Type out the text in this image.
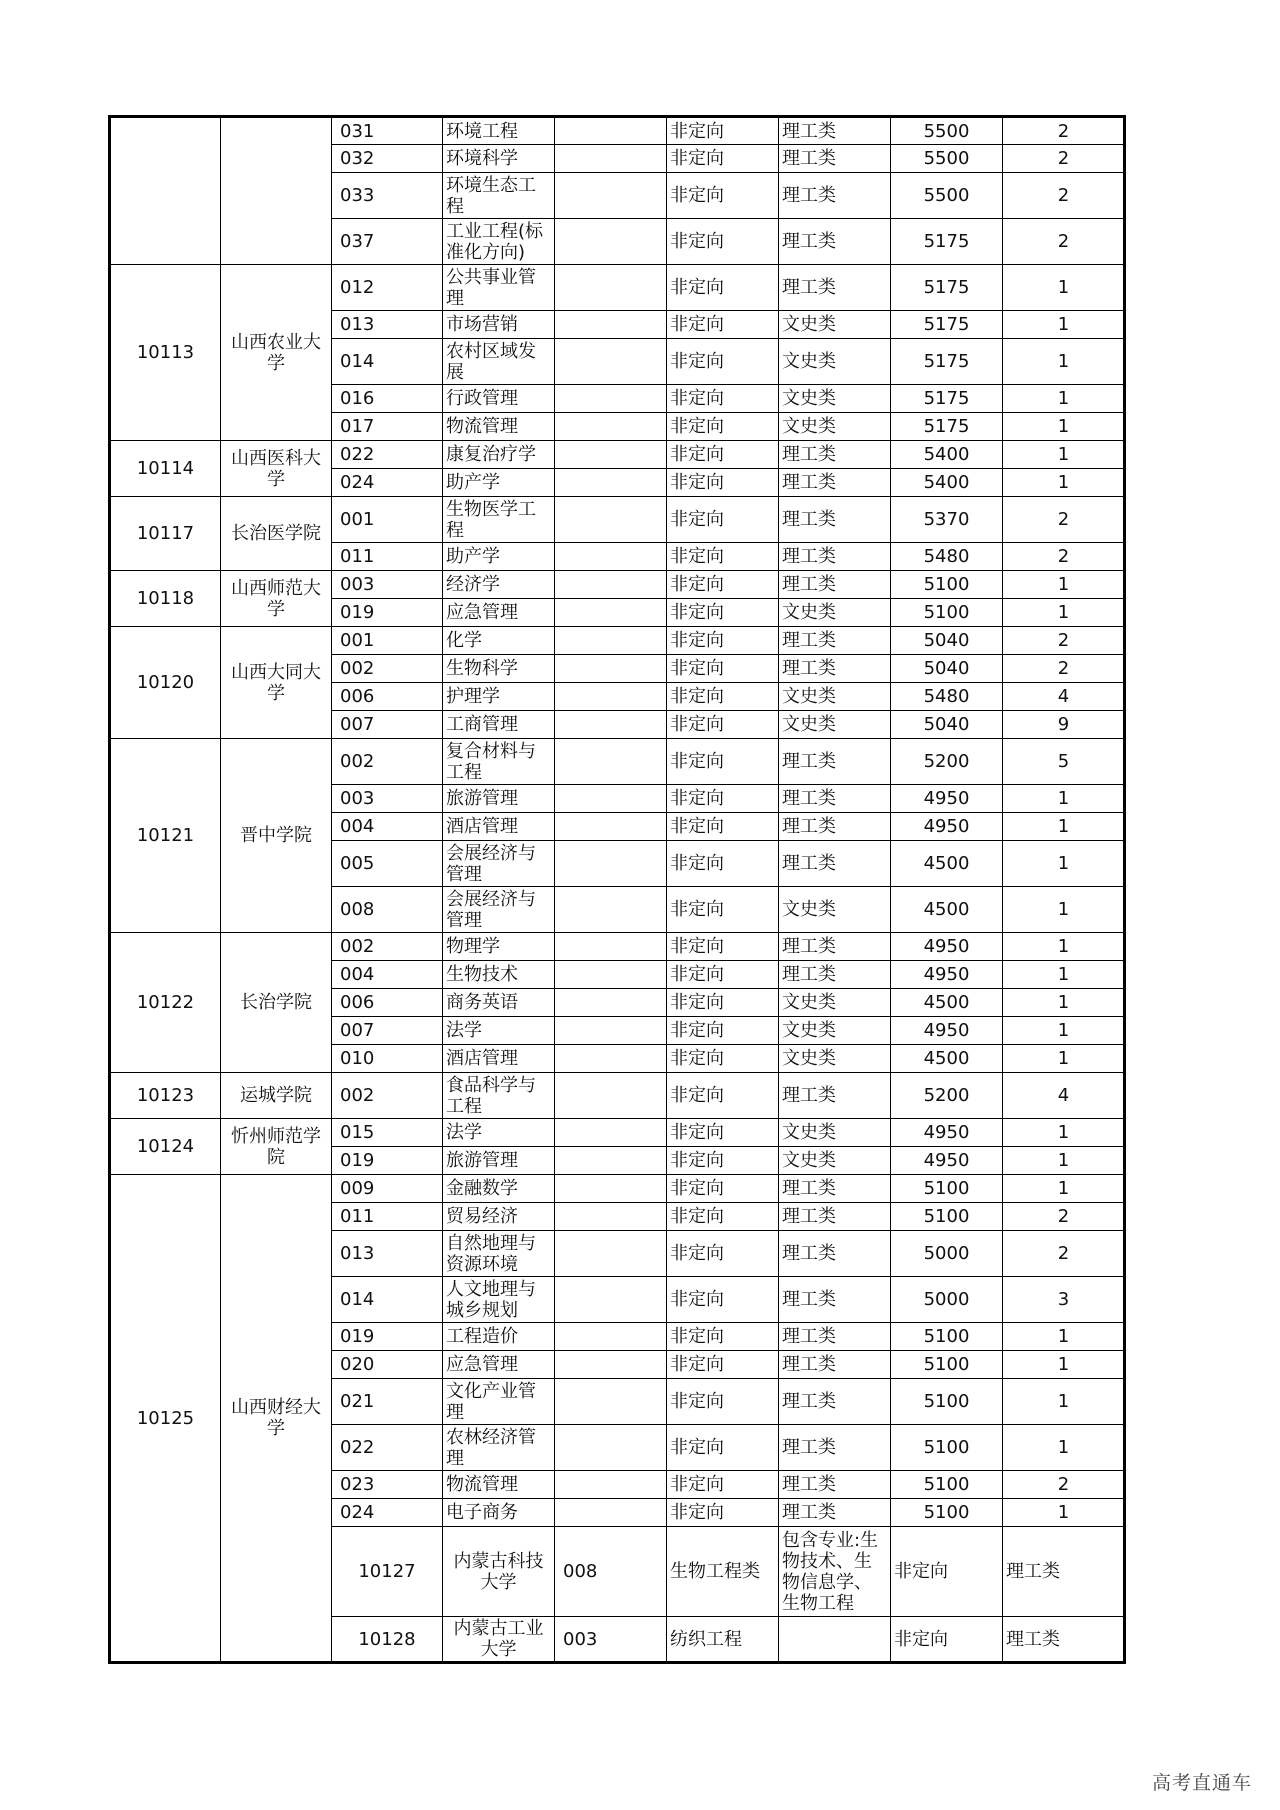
		031	环境工程		非定向	理工类	5500	2	
		032	环境科学		非定向	理工类	5500	2	
		033	环境生态工程		非定向	理工类	5500	2	
		037	工业工程(标准化方向)		非定向	理工类	5175	2	
10113	山西农业大学	012	公共事业管理		非定向	理工类	5175	1	
		013	市场营销		非定向	文史类	5175	1	
		014	农村区域发展		非定向	文史类	5175	1	
		016	行政管理		非定向	文史类	5175	1	
		017	物流管理		非定向	文史类	5175	1	
10114	山西医科大学	022	康复治疗学		非定向	理工类	5400	1	
		024	助产学		非定向	理工类	5400	1	
10117	长治医学院	001	生物医学工程		非定向	理工类	5370	2	
		011	助产学		非定向	理工类	5480	2	
10118	山西师范大学	003	经济学		非定向	理工类	5100	1	
		019	应急管理		非定向	文史类	5100	1	
10120	山西大同大学	001	化学		非定向	理工类	5040	2	
		002	生物科学		非定向	理工类	5040	2	
		006	护理学		非定向	文史类	5480	4	
		007	工商管理		非定向	文史类	5040	9	
10121	晋中学院	002	复合材料与工程		非定向	理工类	5200	5	
		003	旅游管理		非定向	理工类	4950	1	
		004	酒店管理		非定向	理工类	4950	1	
		005	会展经济与管理		非定向	理工类	4500	1	
		008	会展经济与管理		非定向	文史类	4500	1	
10122	长治学院	002	物理学		非定向	理工类	4950	1	
		004	生物技术		非定向	理工类	4950	1	
		006	商务英语		非定向	文史类	4500	1	
		007	法学		非定向	文史类	4950	1	
		010	酒店管理		非定向	文史类	4500	1	
10123	运城学院	002	食品科学与工程		非定向	理工类	5200	4	
10124	忻州师范学院	015	法学		非定向	文史类	4950	1	
		019	旅游管理		非定向	文史类	4950	1	
10125	山西财经大学	009	金融数学		非定向	理工类	5100	1	
		011	贸易经济		非定向	理工类	5100	2	
		013	自然地理与资源环境		非定向	理工类	5000	2	
		014	人文地理与城乡规划		非定向	理工类	5000	3	
		019	工程造价		非定向	理工类	5100	1	
		020	应急管理		非定向	理工类	5100	1	
		021	文化产业管理		非定向	理工类	5100	1	
		022	农林经济管理		非定向	理工类	5100	1	
		023	物流管理		非定向	理工类	5100	2	
		024	电子商务		非定向	理工类	5100	1	
		10127	内蒙古科技大学	008	生物工程类	包含专业:生物技术、生物信息学、生物工程	非定向	理工类		
		10128	内蒙古工业大学	003	纺织工程		非定向	理工类		
高考直通车
